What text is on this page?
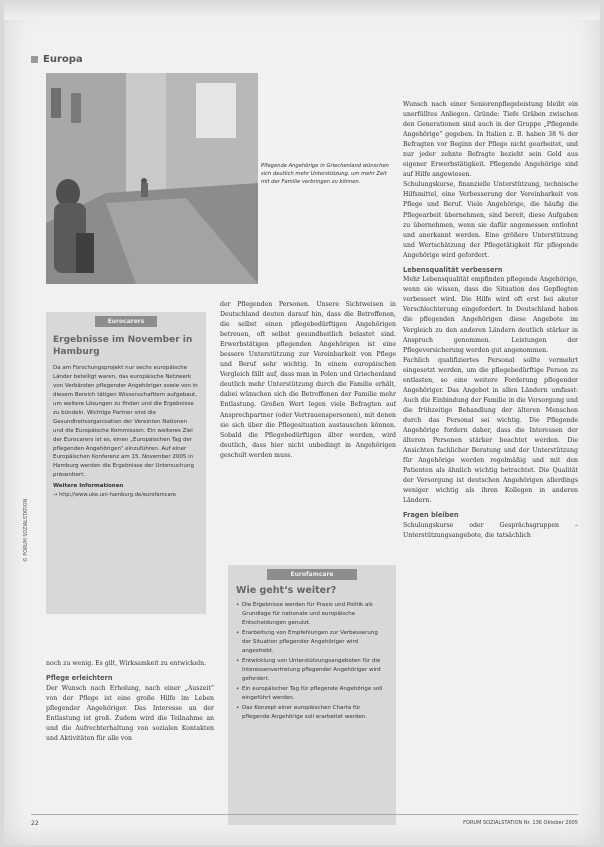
Europa
Pflegende Angehörige in Griechenland wünschen sich deutlich mehr Unterstützung, um mehr Zeit mit der Familie verbringen zu können.

Wunsch nach einer Seniorenpflegeleistung bleibt ein unerfülltes Anliegen. Gründe: Tiefe Gräben zwischen den Generationen sind auch in der Gruppe „Pflegende Angehörige“ gegeben. In Italien z. B. haben 38 % der Befragten vor Beginn der Pflege nicht gearbeitet, und nur jeder zehnte Befragte bezieht sein Geld aus eigener Erwerbstätigkeit. Pflegende Angehörige sind auf Hilfe angewiesen.

Schulungskurse, finanzielle Unterstützung, technische Hilfsmittel, eine Verbesserung der Vereinbarkeit von Pflege und Beruf. Viele Angehörige, die häufig die Pflegearbeit übernehmen, sind bereit, diese Aufgaben zu übernehmen, wenn sie dafür angemessen entlohnt und anerkannt werden. Eine größere Unterstützung und Wertschätzung der Pflegetätigkeit für pflegende Angehörige wird gefordert.

Lebensqualität verbessern

Mehr Lebensqualität empfinden pflegende Angehörige, wenn sie wissen, dass die Situation des Gepflegten verbessert wird. Die Hilfe wird oft erst bei akuter Verschlechterung eingefordert. In Deutschland haben die pflegenden Angehörigen diese Angebote im Vergleich zu den anderen Ländern deutlich stärker in Anspruch genommen. Leistungen der Pflegeversicherung werden gut angenommen.

Fachlich qualifiziertes Personal sollte vermehrt eingesetzt werden, um die pflegebedürftige Person zu entlasten, so eine weitere Forderung pflegender Angehöriger. Das Angebot in allen Ländern umfasst: Auch die Einbindung der Familie in die Versorgung und die frühzeitige Behandlung der älteren Menschen durch das Personal sei wichtig. Die Pflegende Angehörige fordern daher, dass die Interessen der älteren Personen stärker beachtet werden. Die Ansichten fachlicher Beratung und der Unterstützung für Angehörige werden regelmäßig und mit den Patienten als ähnlich wichtig betrachtet. Die Qualität der Versorgung ist deutschen Angehörigen allerdings weniger wichtig als ihren Kollegen in anderen Ländern.

Fragen bleiben

Schulungskurse oder Gesprächsgruppen – Unterstützungsangebote, die tatsächlich

Eurocarers
Ergebnisse im November in Hamburg
Da am Forschungsprojekt nur sechs europäische Länder beteiligt waren, das europäische Netzwerk von Verbänden pflegender Angehöriger sowie von in diesem Bereich tätigen Wissenschaftlern aufgebaut, um weitere Lösungen zu finden und die Ergebnisse zu bündeln. Wichtige Partner sind die Gesundheitsorganisation der Vereinten Nationen und die Europäische Kommission. Ein weiteres Ziel der Eurocarers ist es, einen „Europäischen Tag der pflegenden Angehörigen“ einzuführen. Auf einer Europäischen Konferenz am 15. November 2005 in Hamburg werden die Ergebnisse der Untersuchung präsentiert.
Weitere Informationen
→ http://www.uke.uni-hamburg.de/eurofamcare
© FORUM SOZIALSTATION

der Pflegenden Personen. Unsere Sichtweisen in Deutschland deuten darauf hin, dass die Betroffenen, die selbst einen pflegebedürftigen Angehörigen betreuen, oft selbst gesundheitlich belastet sind. Erwerbstätigen pflegenden Angehörigen ist eine bessere Unterstützung zur Vereinbarkeit von Pflege und Beruf sehr wichtig. In einem europäischen Vergleich fällt auf, dass man in Polen und Griechenland deutlich mehr Unterstützung durch die Familie erhält, dabei wünschen sich die Betroffenen der Familie mehr Entlastung. Großen Wert legen viele Befragten auf Ansprechpartner (oder Vertrauenspersonen), mit denen sie sich über die Pflegesituation austauschen können. Sobald die Pflegebedürftigen älter werden, wird deutlich, dass hier nicht unbedingt in Angehörigen geschult werden muss.

Eurofamcare
Wie geht‘s weiter?
• Die Ergebnisse werden für Praxis und Politik als Grundlage für nationale und europäische Entscheidungen genutzt.
• Erarbeitung von Empfehlungen zur Verbesserung der Situation pflegender Angehöriger wird angestrebt.
• Entwicklung von Unterstützungsangeboten für die Interessenvertretung pflegender Angehöriger wird gefordert.
• Ein europäischer Tag für pflegende Angehörige soll eingeführt werden.
• Das Konzept einer europäischen Charta für pflegende Angehörige soll erarbeitet werden.

noch zu wenig. Es gilt, Wirksamkeit zu entwickeln.

Pflege erleichtern

Der Wunsch nach Erholung, nach einer „Auszeit“ von der Pflege ist eine große Hilfe im Leben pflegender Angehöriger. Das Interesse an der Entlastung ist groß. Zudem wird die Teilnahme an und die Aufrechterhaltung von sozialen Kontakten und Aktivitäten für alle von

22	FORUM SOZIALSTATION Nr. 136 Oktober 2005
